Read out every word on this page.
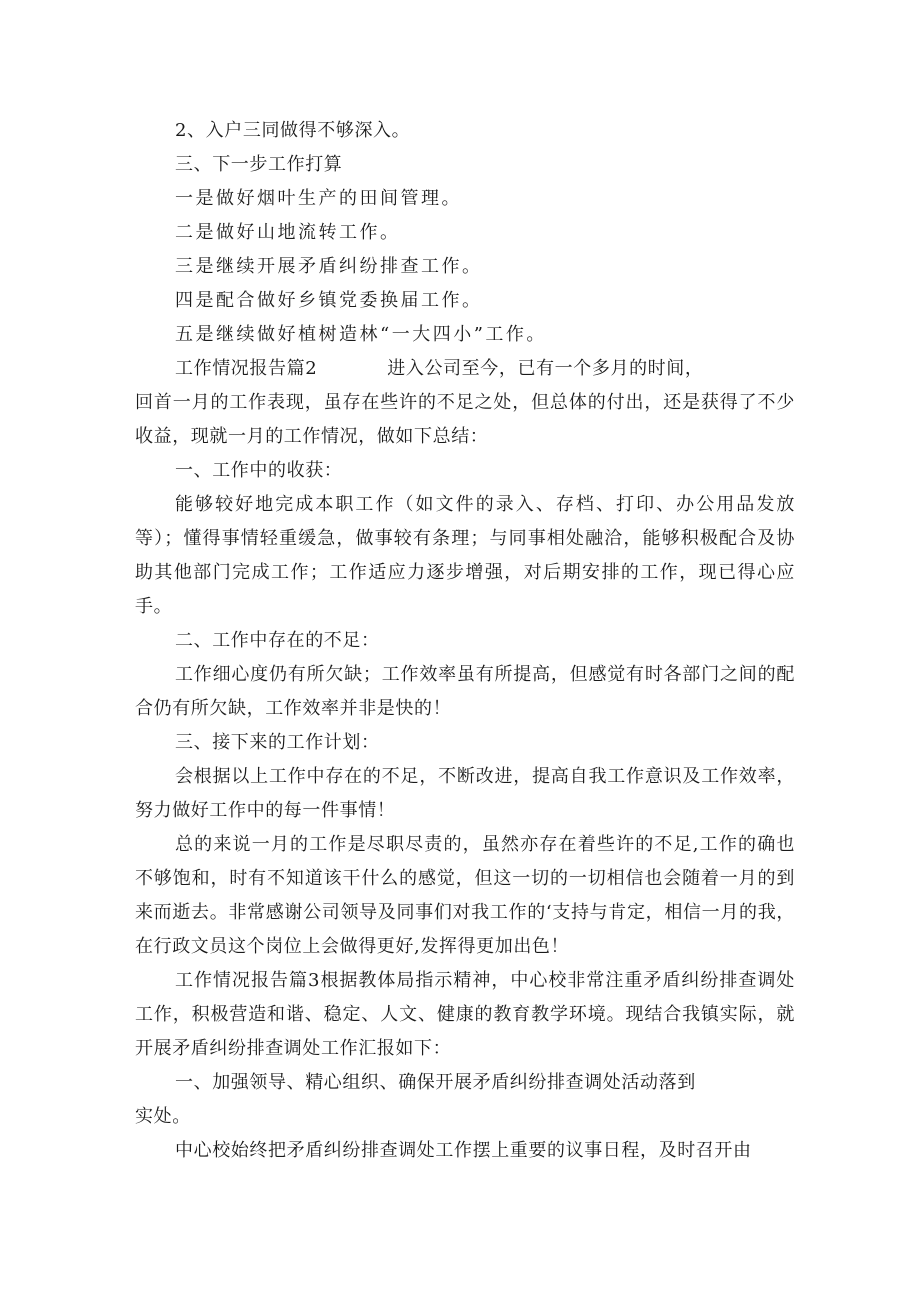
2、入户三同做得不够深入。

三、下一步工作打算

一是做好烟叶生产的田间管理。

二是做好山地流转工作。

三是继续开展矛盾纠纷排查工作。

四是配合做好乡镇党委换届工作。

五是继续做好植树造林“一大四小”工作。

工作情况报告篇2	进入公司至今，已有一个多月的时间，

回首一月的工作表现，虽存在些许的不足之处，但总体的付出，还是获得了不少收益，现就一月的工作情况，做如下总结：

一、工作中的收获：

能够较好地完成本职工作（如文件的录入、存档、打印、办公用品发放等）；懂得事情轻重缓急，做事较有条理；与同事相处融洽，能够积极配合及协助其他部门完成工作；工作适应力逐步增强，对后期安排的工作，现已得心应手。

二、工作中存在的不足：

工作细心度仍有所欠缺；工作效率虽有所提高，但感觉有时各部门之间的配合仍有所欠缺，工作效率并非是快的！

三、接下来的工作计划：

会根据以上工作中存在的不足，不断改进，提高自我工作意识及工作效率，努力做好工作中的每一件事情！

总的来说一月的工作是尽职尽责的，虽然亦存在着些许的不足,工作的确也不够饱和，时有不知道该干什么的感觉，但这一切的一切相信也会随着一月的到来而逝去。非常感谢公司领导及同事们对我工作的‘支持与肯定，相信一月的我，在行政文员这个岗位上会做得更好,发挥得更加出色！

工作情况报告篇3根据教体局指示精神，中心校非常注重矛盾纠纷排查调处工作，积极营造和谐、稳定、人文、健康的教育教学环境。现结合我镇实际，就开展矛盾纠纷排查调处工作汇报如下：

一、加强领导、精心组织、确保开展矛盾纠纷排查调处活动落到

实处。

中心校始终把矛盾纠纷排查调处工作摆上重要的议事日程，及时召开由
